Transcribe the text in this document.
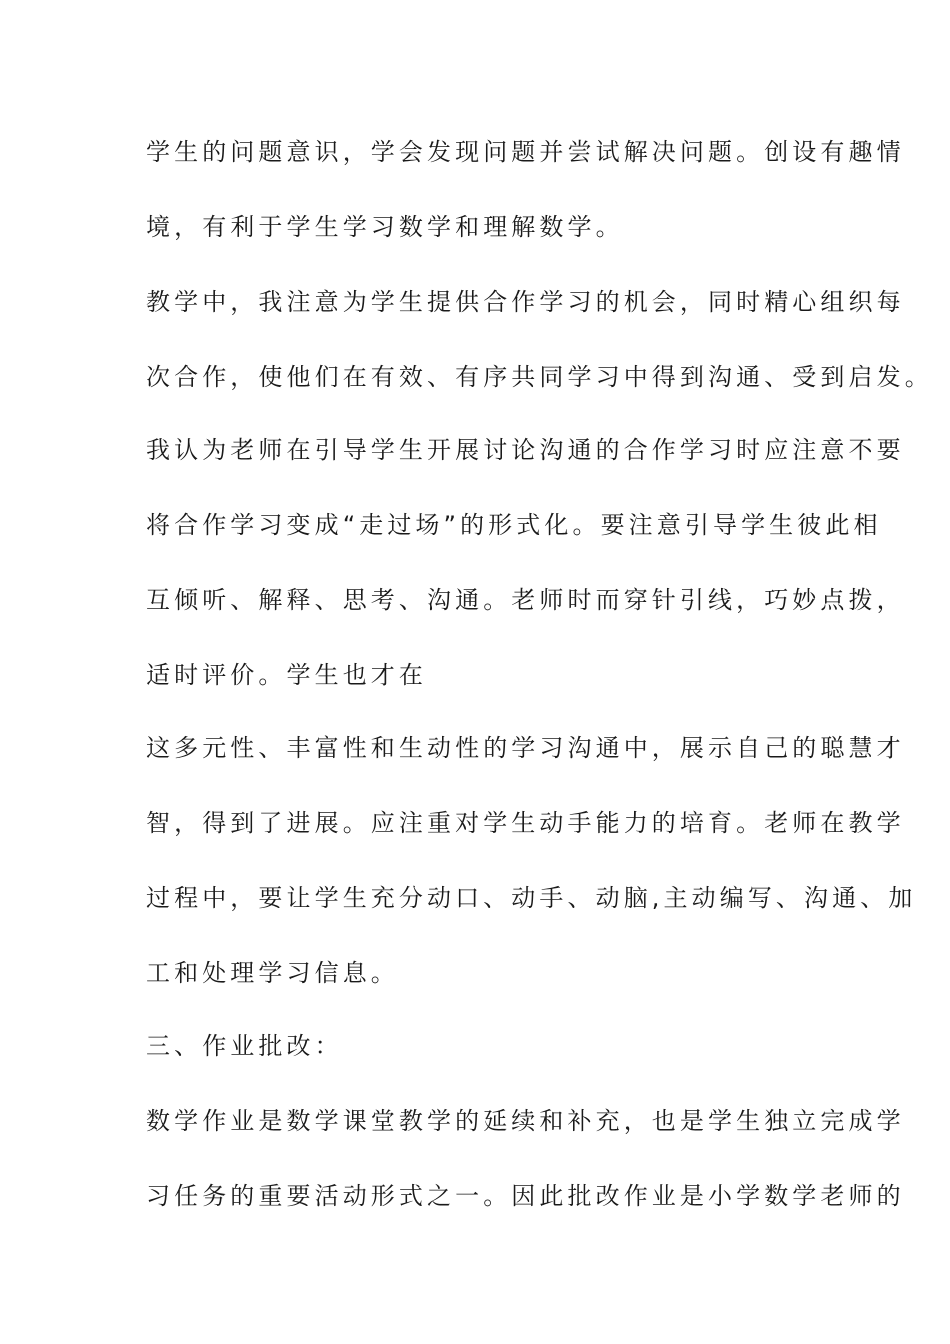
学生的问题意识，学会发现问题并尝试解决问题。创设有趣情
境，有利于学生学习数学和理解数学。
教学中，我注意为学生提供合作学习的机会，同时精心组织每
次合作，使他们在有效、有序共同学习中得到沟通、受到启发。
我认为老师在引导学生开展讨论沟通的合作学习时应注意不要
将合作学习变成“走过场”的形式化。要注意引导学生彼此相
互倾听、解释、思考、沟通。老师时而穿针引线，巧妙点拨，
适时评价。学生也才在
这多元性、丰富性和生动性的学习沟通中，展示自己的聪慧才
智，得到了进展。应注重对学生动手能力的培育。老师在教学
过程中，要让学生充分动口、动手、动脑,主动编写、沟通、加
工和处理学习信息。
三、作业批改：
数学作业是数学课堂教学的延续和补充，也是学生独立完成学
习任务的重要活动形式之一。因此批改作业是小学数学老师的
